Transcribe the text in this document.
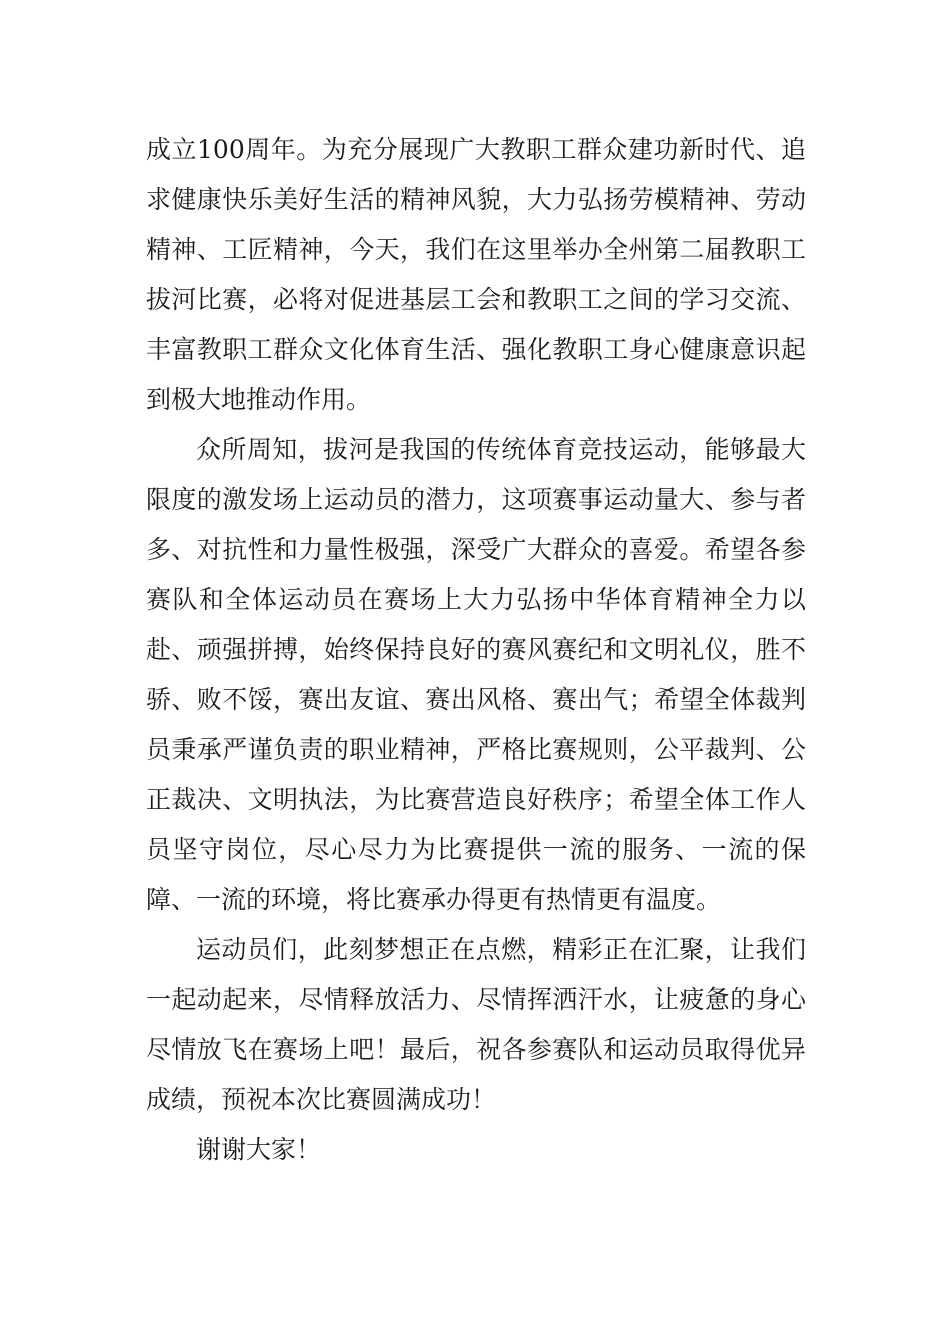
成立100周年。为充分展现广大教职工群众建功新时代、追求健康快乐美好生活的精神风貌，大力弘扬劳模精神、劳动精神、工匠精神，今天，我们在这里举办全州第二届教职工拔河比赛，必将对促进基层工会和教职工之间的学习交流、丰富教职工群众文化体育生活、强化教职工身心健康意识起到极大地推动作用。

众所周知，拔河是我国的传统体育竞技运动，能够最大限度的激发场上运动员的潜力，这项赛事运动量大、参与者多、对抗性和力量性极强，深受广大群众的喜爱。希望各参赛队和全体运动员在赛场上大力弘扬中华体育精神全力以赴、顽强拼搏，始终保持良好的赛风赛纪和文明礼仪，胜不骄、败不馁，赛出友谊、赛出风格、赛出气；希望全体裁判员秉承严谨负责的职业精神，严格比赛规则，公平裁判、公正裁决、文明执法，为比赛营造良好秩序；希望全体工作人员坚守岗位，尽心尽力为比赛提供一流的服务、一流的保障、一流的环境，将比赛承办得更有热情更有温度。

运动员们，此刻梦想正在点燃，精彩正在汇聚，让我们一起动起来，尽情释放活力、尽情挥洒汗水，让疲惫的身心尽情放飞在赛场上吧！最后，祝各参赛队和运动员取得优异成绩，预祝本次比赛圆满成功！

谢谢大家！
